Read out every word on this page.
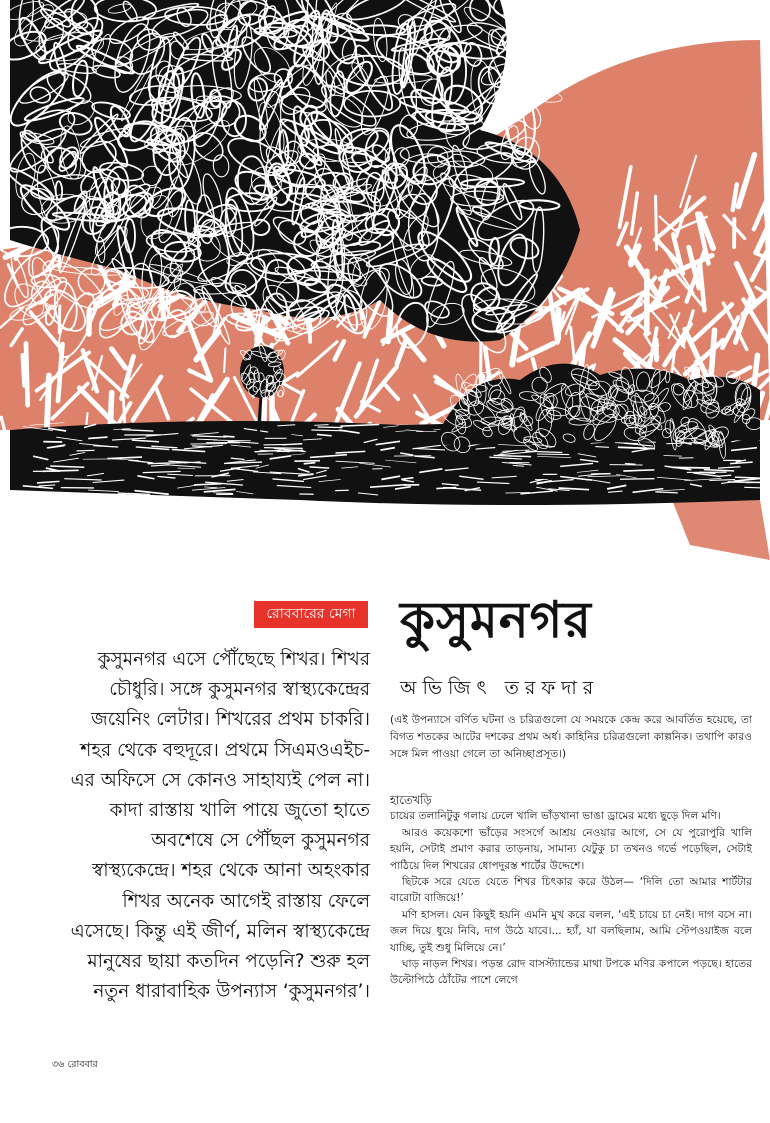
রোববারের মেগা কুসুমনগর
অভিজিৎ তরফদার

কুসুমনগর এসে পৌঁছেছে শিখর। শিখর চৌধুরি। সঙ্গে কুসুমনগর স্বাস্থ্যকেন্দ্রের জয়েনিং লেটার। শিখরের প্রথম চাকরি। শহর থেকে বহুদূরে। প্রথমে সিএমওএইচ-এর অফিসে সে কোনও সাহায্যই পেল না। কাদা রাস্তায় খালি পায়ে জুতো হাতে অবশেষে সে পৌঁছল কুসুমনগর স্বাস্থ্যকেন্দ্রে। শহর থেকে আনা অহংকার শিখর অনেক আগেই রাস্তায় ফেলে এসেছে। কিন্তু এই জীর্ণ, মলিন স্বাস্থ্যকেন্দ্রে মানুষের ছায়া কতদিন পড়েনি? শুরু হল নতুন ধারাবাহিক উপন্যাস ‘কুসুমনগর’।

(এই উপন্যাসে বর্ণিত ঘটনা ও চরিত্রগুলো যে সময়কে কেন্দ্র করে আবর্তিত হয়েছে, তা বিগত শতকের আটের দশকের প্রথম অর্ধ। কাহিনির চরিত্রগুলো কাল্পনিক। তথাপি কারও সঙ্গে মিল পাওয়া গেলে তা অনিচ্ছাপ্রসূত।)

হাতেখড়ি

চায়ের তলানিটুকু গলায় ঢেলে খালি ভাঁড়খানা ভাঙা ড্রামের মধ্যে ছুড়ে দিল মণি।

আরও কয়েকশো ভাঁড়ের সংসর্গে আশ্রয় নেওয়ার আগে, সে যে পুরোপুরি খালি হয়নি, সেটাই প্রমাণ করার তাড়নায়, সামান্য যেটুকু চা তখনও গর্ভে পড়েছিল, সেটাই পাঠিয়ে দিল শিখরের ধোপদুরস্ত শার্টের উদ্দেশে।

ছিটকে সরে যেতে যেতে শিখর চিৎকার করে উঠল— ‘দিলি তো আমার শার্টটার বারোটা বাজিয়ে!’

মণি হাসল। যেন কিছুই হয়নি এমনি মুখ করে বলল, ‘এই চায়ে চা নেই। দাগ বসে না। জল দিয়ে ধুয়ে নিবি, দাগ উঠে যাবে।... হ্যাঁ, যা বলছিলাম, আমি স্টেপওয়াইজ বলে যাচ্ছি, তুই শুধু মিলিয়ে নে।’

ঘাড় নাড়ল শিখর। পড়ন্ত রোদ বাসস্ট্যান্ডের মাথা টপকে মণির কপালে পড়ছে। হাতের উল্টোপিঠে ঠোঁটের পাশে লেগে

৩৬ রোববার
